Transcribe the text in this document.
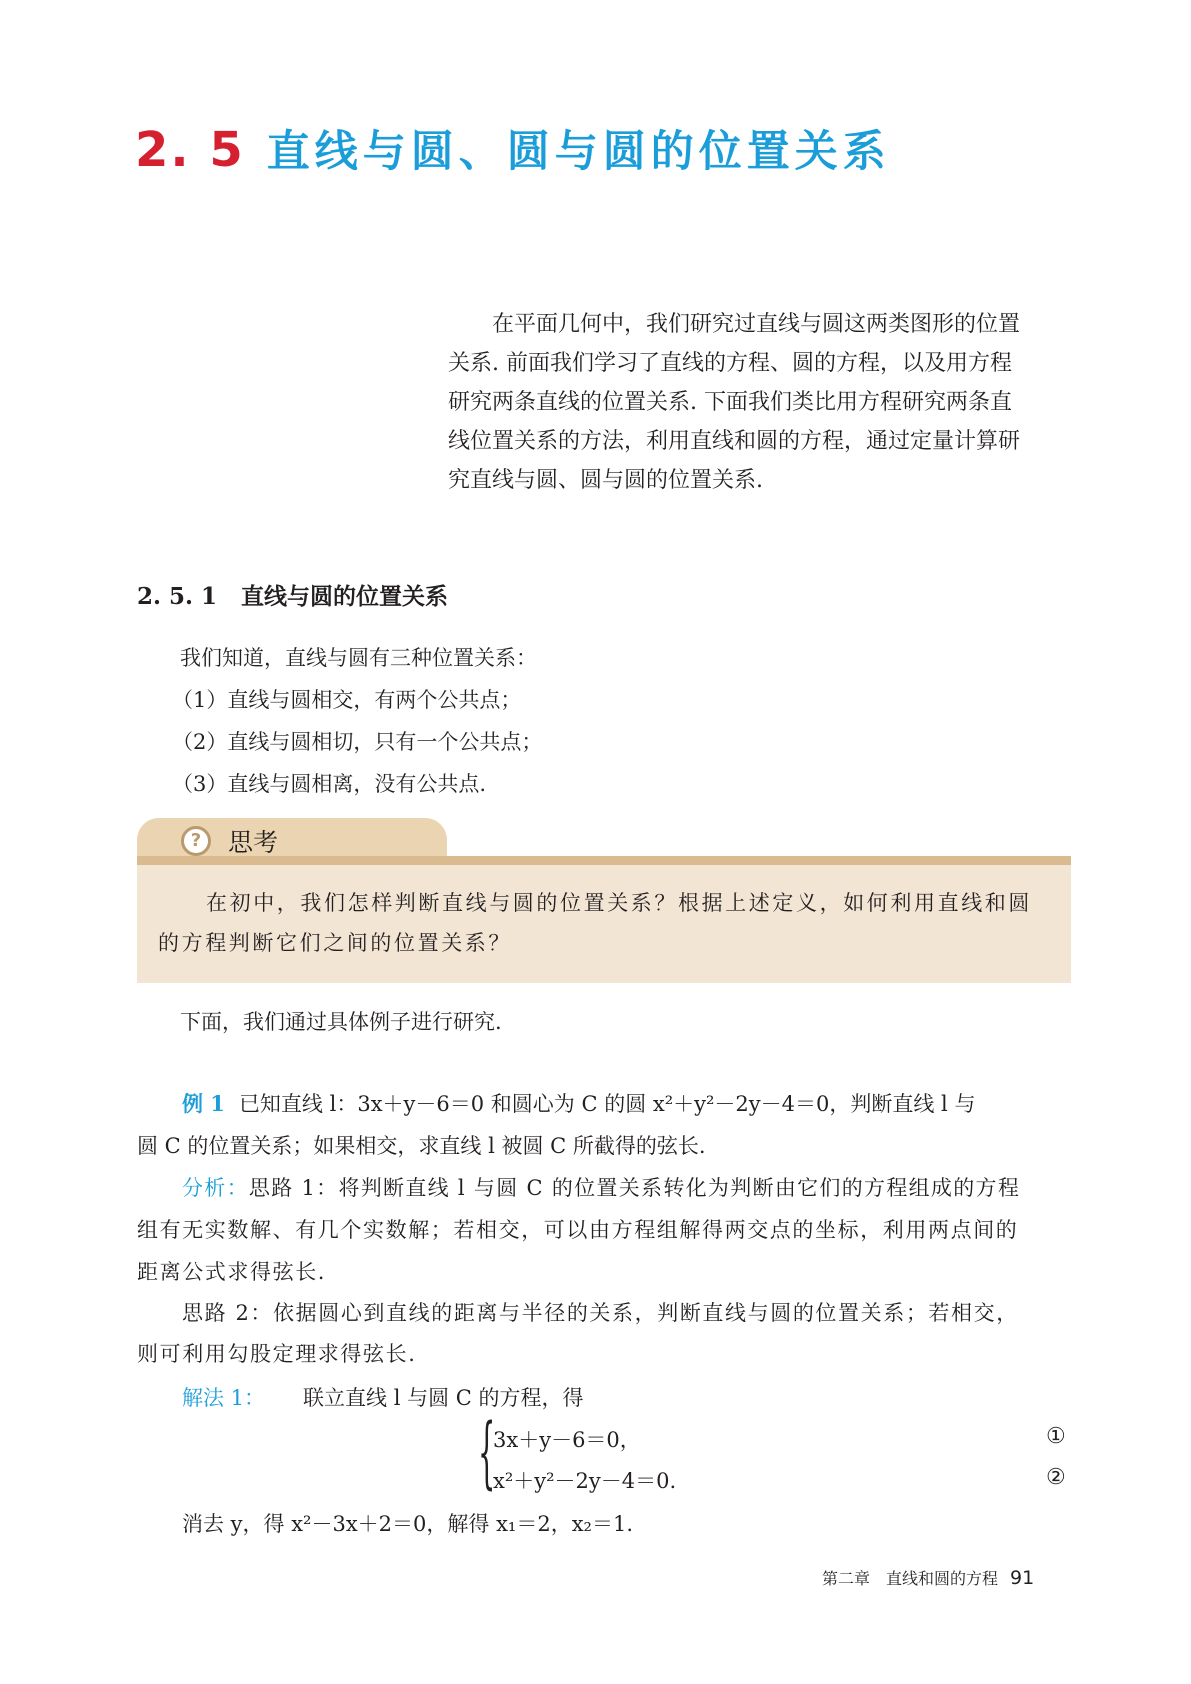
2. 5 直线与圆、圆与圆的位置关系

在平面几何中，我们研究过直线与圆这两类图形的位置

关系. 前面我们学习了直线的方程、圆的方程，以及用方程

研究两条直线的位置关系. 下面我们类比用方程研究两条直

线位置关系的方法，利用直线和圆的方程，通过定量计算研

究直线与圆、圆与圆的位置关系.

2. 5. 1 直线与圆的位置关系
我们知道，直线与圆有三种位置关系：
（1）直线与圆相交，有两个公共点；
（2）直线与圆相切，只有一个公共点；
（3）直线与圆相离，没有公共点.
?	思考
在初中，我们怎样判断直线与圆的位置关系？根据上述定义，如何利用直线和圆
的方程判断它们之间的位置关系？
下面，我们通过具体例子进行研究.
例 1 已知直线 l：3x＋y－6＝0 和圆心为 C 的圆 x²＋y²－2y－4＝0，判断直线 l 与
圆 C 的位置关系；如果相交，求直线 l 被圆 C 所截得的弦长.
分析：思路 1：将判断直线 l 与圆 C 的位置关系转化为判断由它们的方程组成的方程
组有无实数解、有几个实数解；若相交，可以由方程组解得两交点的坐标，利用两点间的
距离公式求得弦长.
思路 2：依据圆心到直线的距离与半径的关系，判断直线与圆的位置关系；若相交，
则可利用勾股定理求得弦长.
解法 1： 联立直线 l 与圆 C 的方程，得
{
3x＋y－6＝0，
x²＋y²－2y－4＝0.
①
②
消去 y，得 x²－3x＋2＝0，解得 x₁＝2，x₂＝1.
第二章　直线和圆的方程 91
